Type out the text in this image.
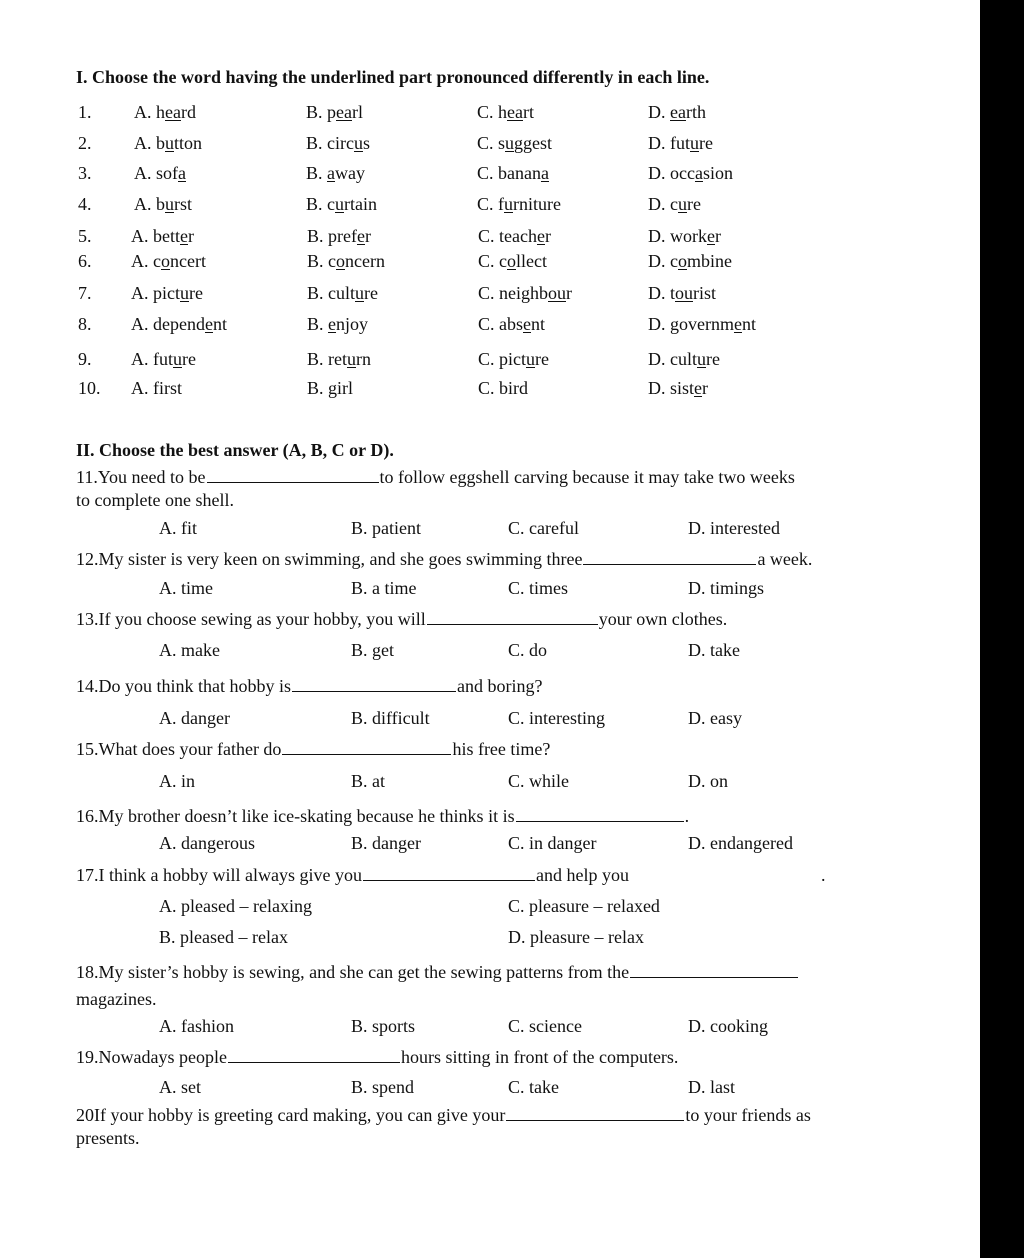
I. Choose the word having the underlined part pronounced differently in each line.
1. A. heard	B. pearl	C. heart	D. earth
2. A. button	B. circus	C. suggest	D. future
3. A. sofa	B. away	C. banana	D. occasion
4. A. burst	B. curtain	C. furniture	D. cure
5. A. better	B. prefer	C. teacher	D. worker
6. A. concert	B. concern	C. collect	D. combine
7. A. picture	B. culture	C. neighbour	D. tourist
8. A. dependent	B. enjoy	C. absent	D. government
9. A. future	B. return	C. picture	D. culture
10. A. first	B. girl	C. bird	D. sister
II. Choose the best answer (A, B, C or D).
11.You need to be	to follow eggshell carving because it may take two weeks
to complete one shell.
A. fit	B. patient	C. careful	D. interested
12.My sister is very keen on swimming, and she goes swimming three	a week.
A. time	B. a time	C. times	D. timings
13.If you choose sewing as your hobby, you will	your own clothes.
A. make	B. get	C. do	D. take
14.Do you think that hobby is	and boring?
A. danger	B. difficult	C. interesting	D. easy
15.What does your father do	his free time?
A. in	B. at	C. while	D. on
16.My brother doesn’t like ice-skating because he thinks it is	.
A. dangerous	B. danger	C. in danger	D. endangered
17.I think a hobby will always give you	and help you	.
A. pleased – relaxing	C. pleasure – relaxed
B. pleased – relax	D. pleasure – relax
18.My sister’s hobby is sewing, and she can get the sewing patterns from the
magazines.
A. fashion	B. sports	C. science	D. cooking
19.Nowadays people	hours sitting in front of the computers.
A. set	B. spend	C. take	D. last
20If your hobby is greeting card making, you can give your	to your friends as
presents.
